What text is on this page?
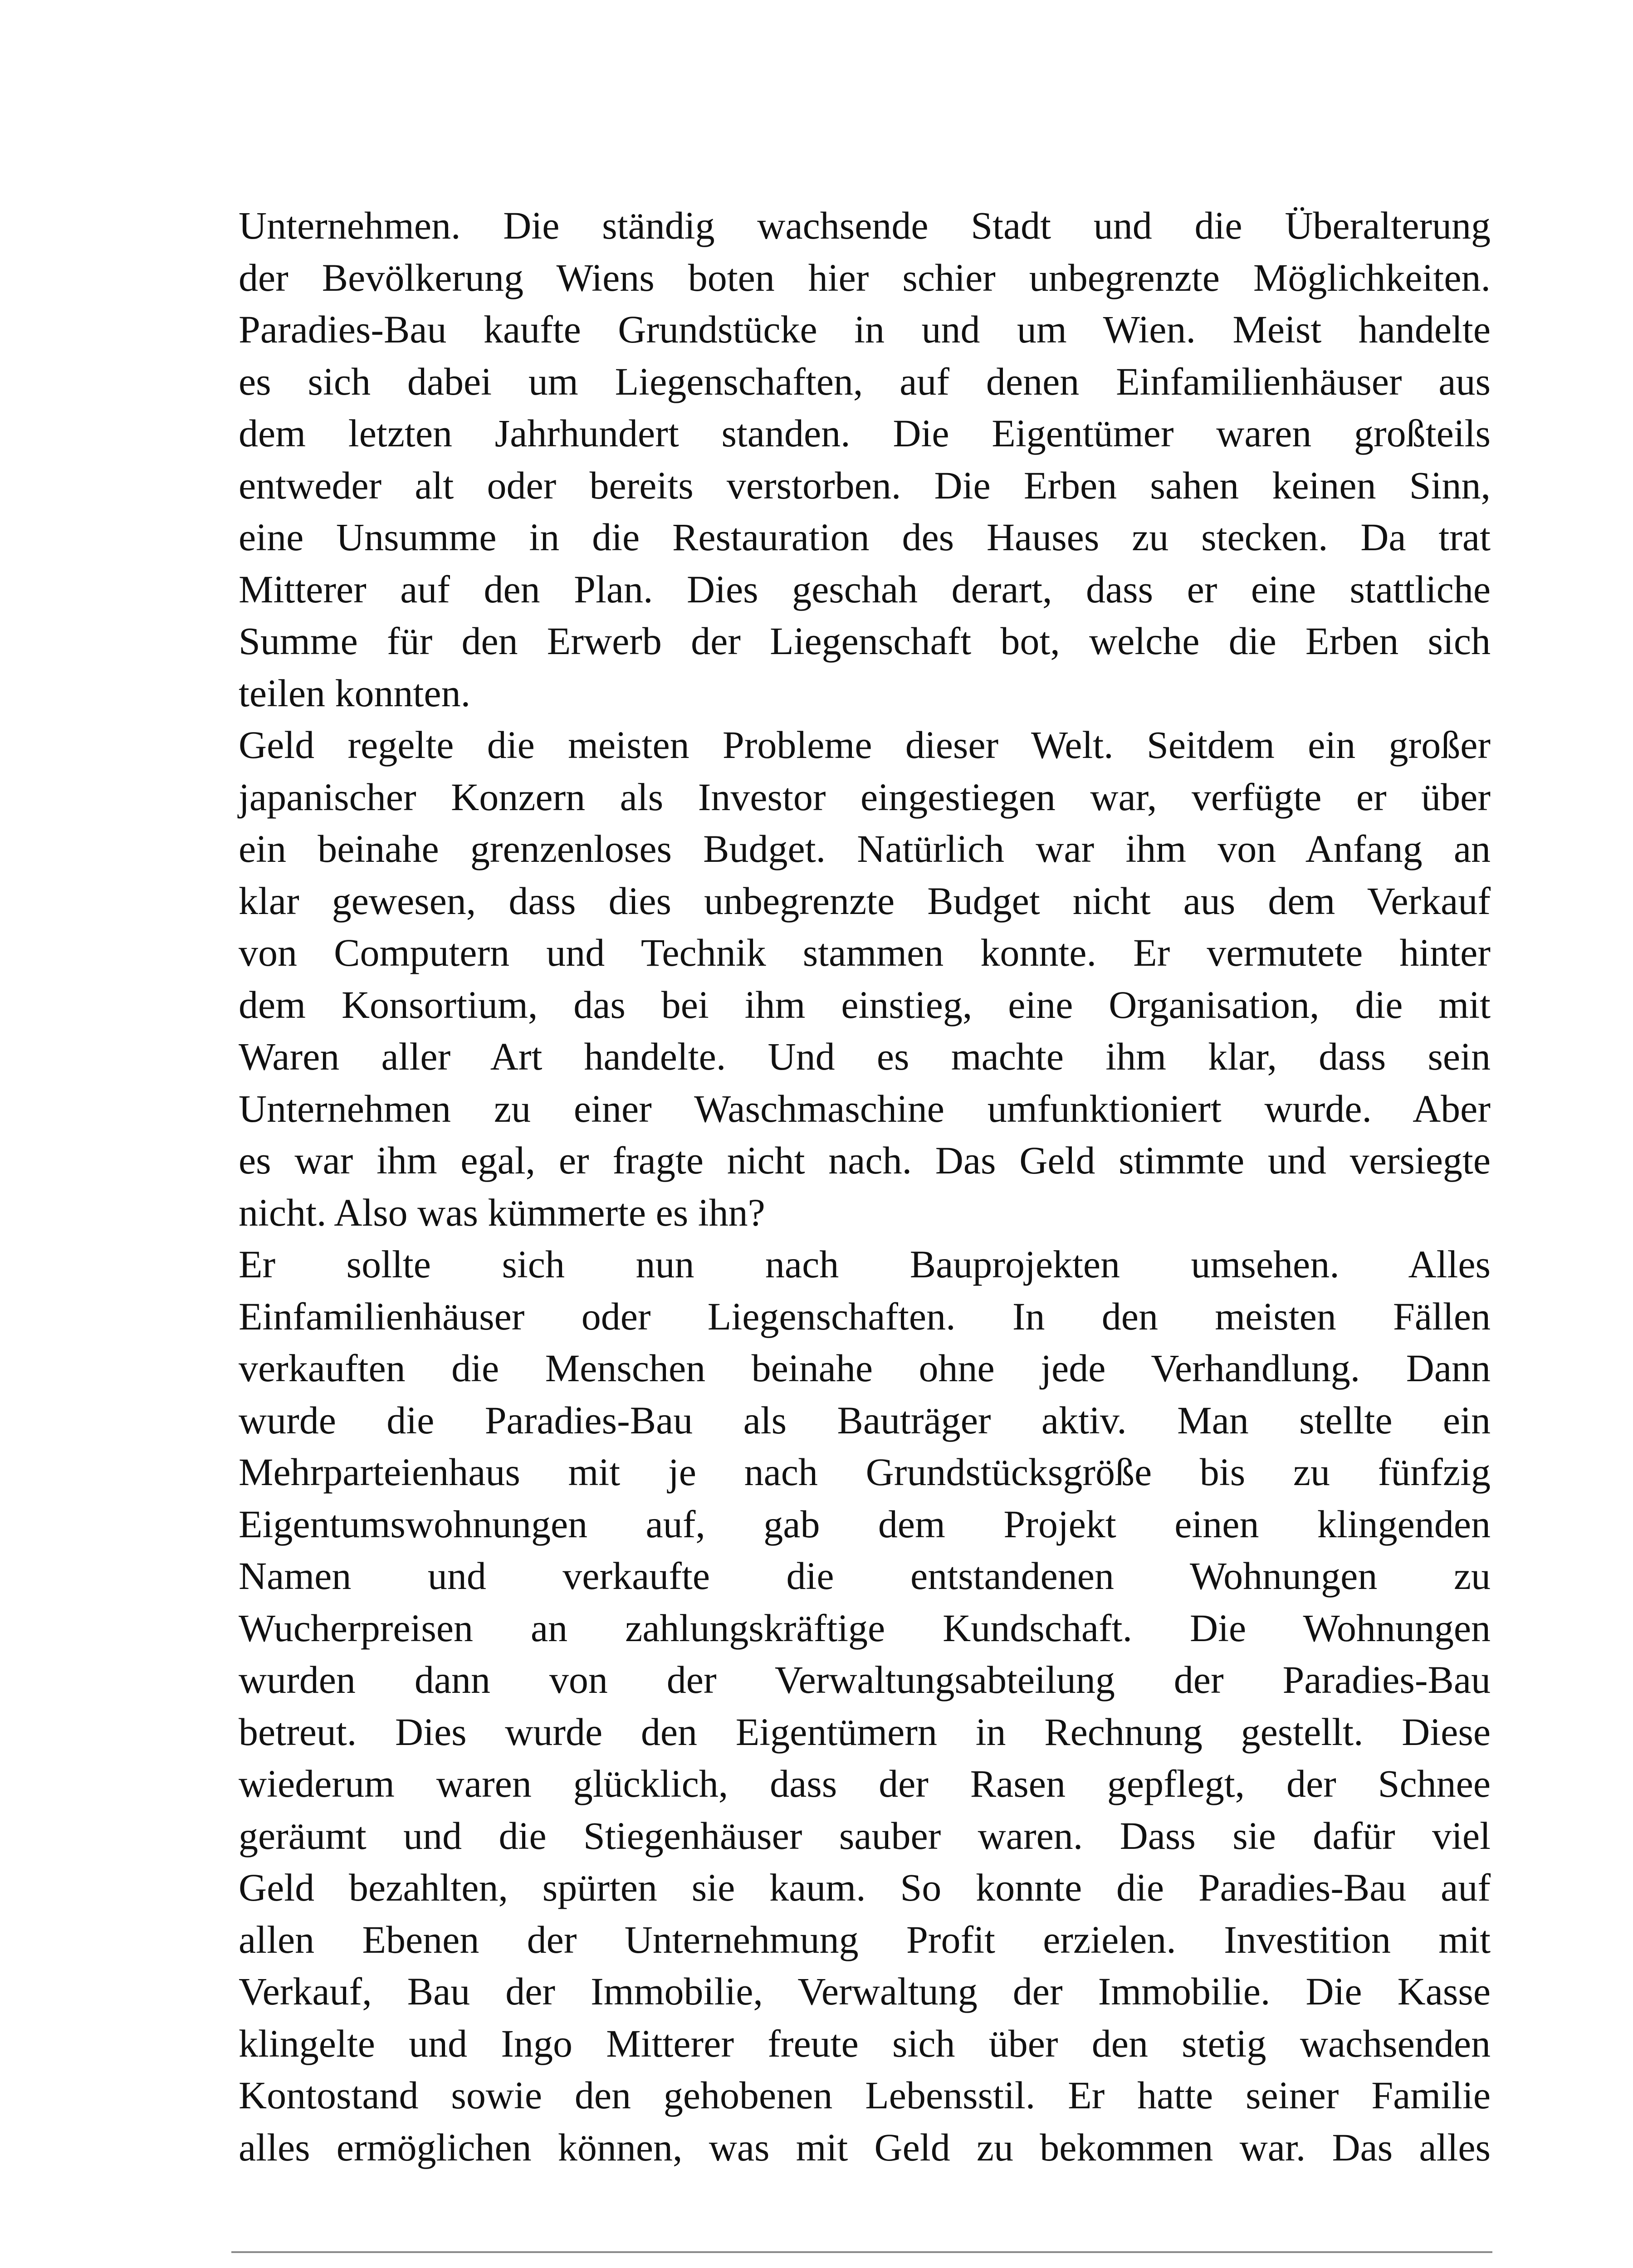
Unternehmen. Die ständig wachsende Stadt und die Überalterung
der Bevölkerung Wiens boten hier schier unbegrenzte Möglichkeiten.
Paradies-Bau kaufte Grundstücke in und um Wien. Meist handelte
es sich dabei um Liegenschaften, auf denen Einfamilienhäuser aus
dem letzten Jahrhundert standen. Die Eigentümer waren großteils
entweder alt oder bereits verstorben. Die Erben sahen keinen Sinn,
eine Unsumme in die Restauration des Hauses zu stecken. Da trat
Mitterer auf den Plan. Dies geschah derart, dass er eine stattliche
Summe für den Erwerb der Liegenschaft bot, welche die Erben sich
teilen konnten.
Geld regelte die meisten Probleme dieser Welt. Seitdem ein großer
japanischer Konzern als Investor eingestiegen war, verfügte er über
ein beinahe grenzenloses Budget. Natürlich war ihm von Anfang an
klar gewesen, dass dies unbegrenzte Budget nicht aus dem Verkauf
von Computern und Technik stammen konnte. Er vermutete hinter
dem Konsortium, das bei ihm einstieg, eine Organisation, die mit
Waren aller Art handelte. Und es machte ihm klar, dass sein
Unternehmen zu einer Waschmaschine umfunktioniert wurde. Aber
es war ihm egal, er fragte nicht nach. Das Geld stimmte und versiegte
nicht. Also was kümmerte es ihn?
Er sollte sich nun nach Bauprojekten umsehen. Alles
Einfamilienhäuser oder Liegenschaften. In den meisten Fällen
verkauften die Menschen beinahe ohne jede Verhandlung. Dann
wurde die Paradies-Bau als Bauträger aktiv. Man stellte ein
Mehrparteienhaus mit je nach Grundstücksgröße bis zu fünfzig
Eigentumswohnungen auf, gab dem Projekt einen klingenden
Namen und verkaufte die entstandenen Wohnungen zu
Wucherpreisen an zahlungskräftige Kundschaft. Die Wohnungen
wurden dann von der Verwaltungsabteilung der Paradies-Bau
betreut. Dies wurde den Eigentümern in Rechnung gestellt. Diese
wiederum waren glücklich, dass der Rasen gepflegt, der Schnee
geräumt und die Stiegenhäuser sauber waren. Dass sie dafür viel
Geld bezahlten, spürten sie kaum. So konnte die Paradies-Bau auf
allen Ebenen der Unternehmung Profit erzielen. Investition mit
Verkauf, Bau der Immobilie, Verwaltung der Immobilie. Die Kasse
klingelte und Ingo Mitterer freute sich über den stetig wachsenden
Kontostand sowie den gehobenen Lebensstil. Er hatte seiner Familie
alles ermöglichen können, was mit Geld zu bekommen war. Das alles
